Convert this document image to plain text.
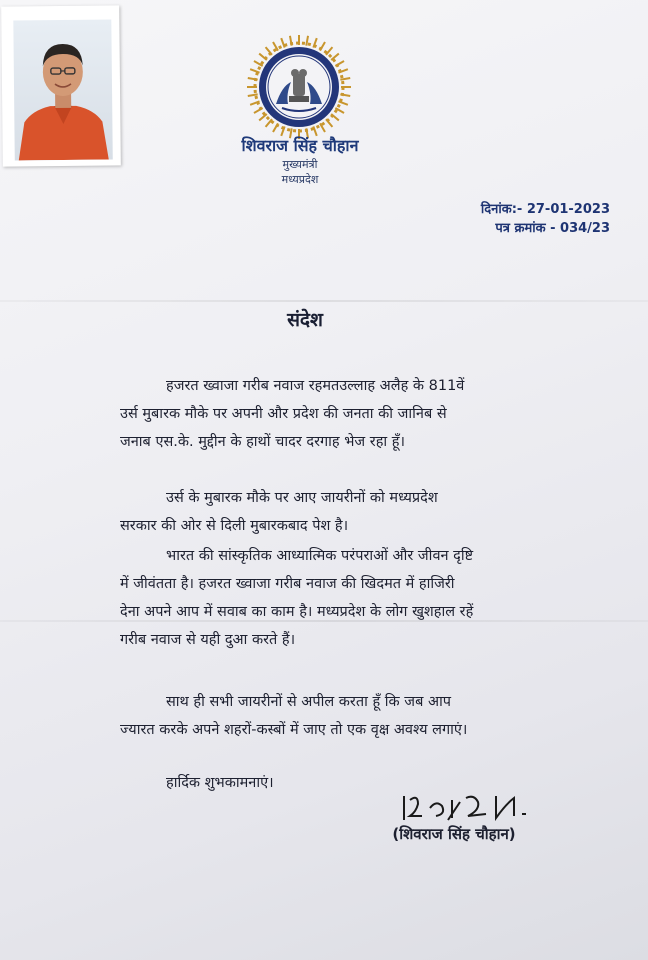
शिवराज सिंह चौहान
मुख्यमंत्री
मध्यप्रदेश
दिनांक:- 27-01-2023
पत्र क्रमांक - 034/23
संदेश
हजरत ख्वाजा गरीब नवाज रहमतउल्लाह अलैह के 811वें
उर्स मुबारक मौके पर अपनी और प्रदेश की जनता की जानिब से
जनाब एस.के. मुद्दीन के हाथों चादर दरगाह भेज रहा हूँ।
उर्स के मुबारक मौके पर आए जायरीनों को मध्यप्रदेश
सरकार की ओर से दिली मुबारकबाद पेश है।
भारत की सांस्कृतिक आध्यात्मिक परंपराओं और जीवन दृष्टि
में जीवंतता है। हजरत ख्वाजा गरीब नवाज की खिदमत में हाजिरी
देना अपने आप में सवाब का काम है। मध्यप्रदेश के लोग खुशहाल रहें
गरीब नवाज से यही दुआ करते हैं।
साथ ही सभी जायरीनों से अपील करता हूँ कि जब आप
ज्यारत करके अपने शहरों-कस्बों में जाए तो एक वृक्ष अवश्य लगाएं।
हार्दिक शुभकामनाएं।
(शिवराज सिंह चौहान)
